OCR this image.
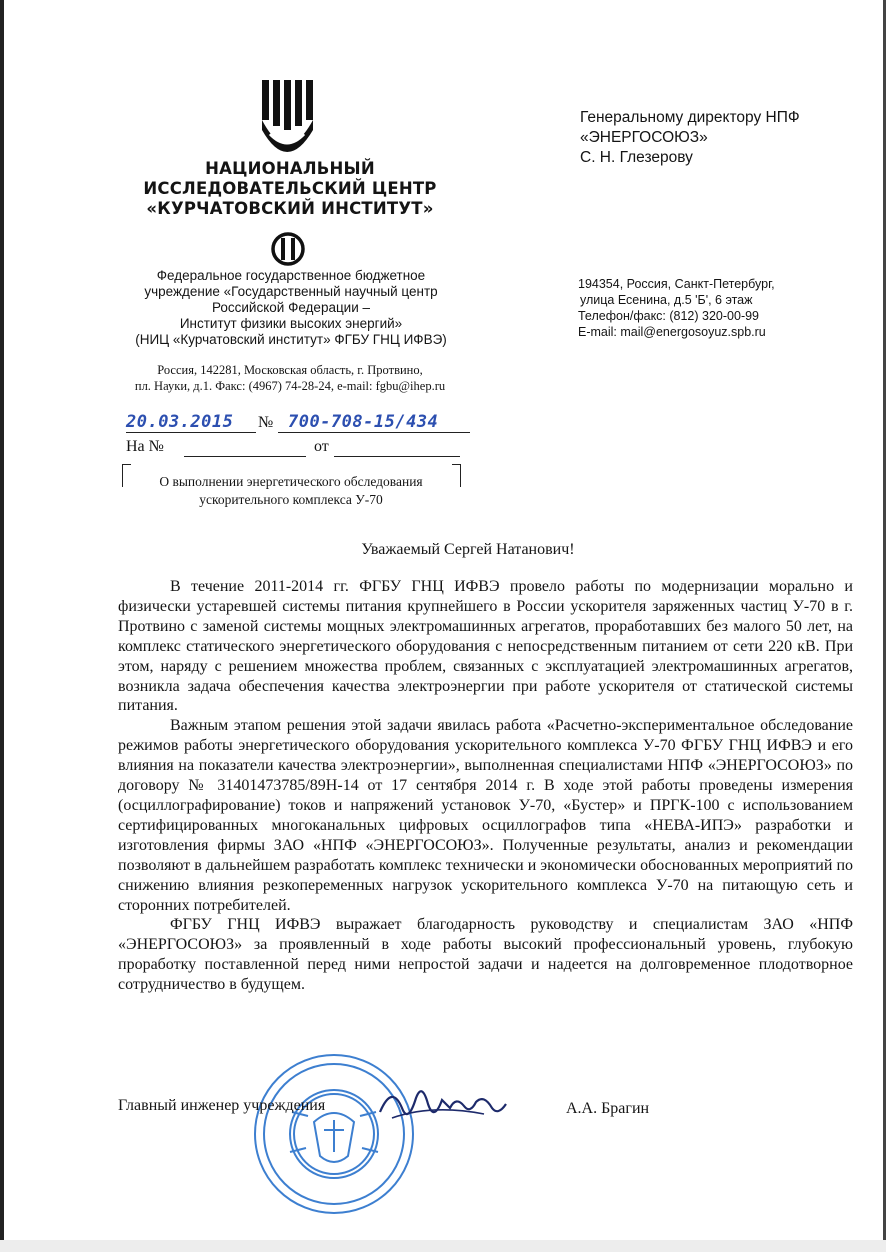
НАЦИОНАЛЬНЫЙ
ИССЛЕДОВАТЕЛЬСКИЙ ЦЕНТР
«КУРЧАТОВСКИЙ ИНСТИТУТ»
Федеральное государственное бюджетное
учреждение «Государственный научный центр
Российской Федерации –
Институт физики высоких энергий»
(НИЦ «Курчатовский институт» ФГБУ ГНЦ ИФВЭ)
Россия, 142281, Московская область, г. Протвино,
пл. Науки, д.1. Факс: (4967) 74-28-24, e-mail: fgbu@ihep.ru
Генеральному директору НПФ
«ЭНЕРГОСОЮЗ»
С. Н. Глезерову
194354, Россия, Санкт-Петербург,
улица Есенина, д.5 'Б', 6 этаж
Телефон/факс: (812) 320-00-99
E-mail: mail@energosoyuz.spb.ru
20.03.2015 № 700-708-15/434
На №	от
О выполнении энергетического обследования
ускорительного комплекса У-70
Уважаемый Сергей Натанович!

В течение 2011-2014 гг. ФГБУ ГНЦ ИФВЭ провело работы по модернизации морально и физически устаревшей системы питания крупнейшего в России ускорителя заряженных частиц У-70 в г. Протвино с заменой системы мощных электромашинных агрегатов, проработавших без малого 50 лет, на комплекс статического энергетического оборудования с непосредственным питанием от сети 220 кВ. При этом, наряду с решением множества проблем, связанных с эксплуатацией электромашинных агрегатов, возникла задача обеспечения качества электроэнергии при работе ускорителя от статической системы питания.

Важным этапом решения этой задачи явилась работа «Расчетно-экспериментальное обследование режимов работы энергетического оборудования ускорительного комплекса У-70 ФГБУ ГНЦ ИФВЭ и его влияния на показатели качества электроэнергии», выполненная специалистами НПФ «ЭНЕРГОСОЮЗ» по договору № 31401473785/89Н-14 от 17 сентября 2014 г. В ходе этой работы проведены измерения (осциллографирование) токов и напряжений установок У-70, «Бустер» и ПРГК-100 с использованием сертифицированных многоканальных цифровых осциллографов типа «НЕВА-ИПЭ» разработки и изготовления фирмы ЗАО «НПФ «ЭНЕРГОСОЮЗ». Полученные результаты, анализ и рекомендации позволяют в дальнейшем разработать комплекс технически и экономически обоснованных мероприятий по снижению влияния резкопеременных нагрузок ускорительного комплекса У-70 на питающую сеть и сторонних потребителей.

ФГБУ ГНЦ ИФВЭ выражает благодарность руководству и специалистам ЗАО «НПФ «ЭНЕРГОСОЮЗ» за проявленный в ходе работы высокий профессиональный уровень, глубокую проработку поставленной перед ними непростой задачи и надеется на долговременное плодотворное сотрудничество в будущем.

Главный инженер учреждения	А.А. Брагин
